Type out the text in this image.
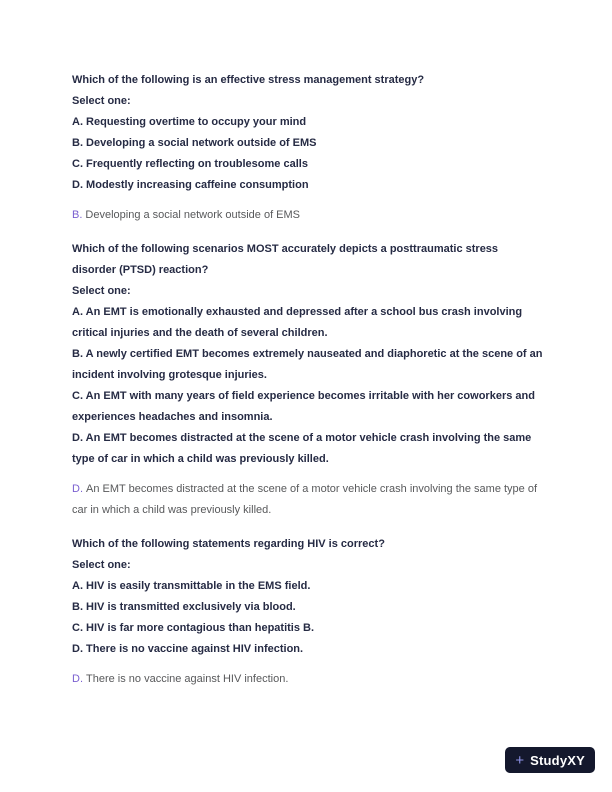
Which of the following is an effective stress management strategy?
Select one:
A. Requesting overtime to occupy your mind
B. Developing a social network outside of EMS
C. Frequently reflecting on troublesome calls
D. Modestly increasing caffeine consumption
B. Developing a social network outside of EMS
Which of the following scenarios MOST accurately depicts a posttraumatic stress disorder (PTSD) reaction?
Select one:
A. An EMT is emotionally exhausted and depressed after a school bus crash involving critical injuries and the death of several children.
B. A newly certified EMT becomes extremely nauseated and diaphoretic at the scene of an incident involving grotesque injuries.
C. An EMT with many years of field experience becomes irritable with her coworkers and experiences headaches and insomnia.
D. An EMT becomes distracted at the scene of a motor vehicle crash involving the same type of car in which a child was previously killed.
D. An EMT becomes distracted at the scene of a motor vehicle crash involving the same type of car in which a child was previously killed.
Which of the following statements regarding HIV is correct?
Select one:
A. HIV is easily transmittable in the EMS field.
B. HIV is transmitted exclusively via blood.
C. HIV is far more contagious than hepatitis B.
D. There is no vaccine against HIV infection.
D. There is no vaccine against HIV infection.
+ StudyXY
